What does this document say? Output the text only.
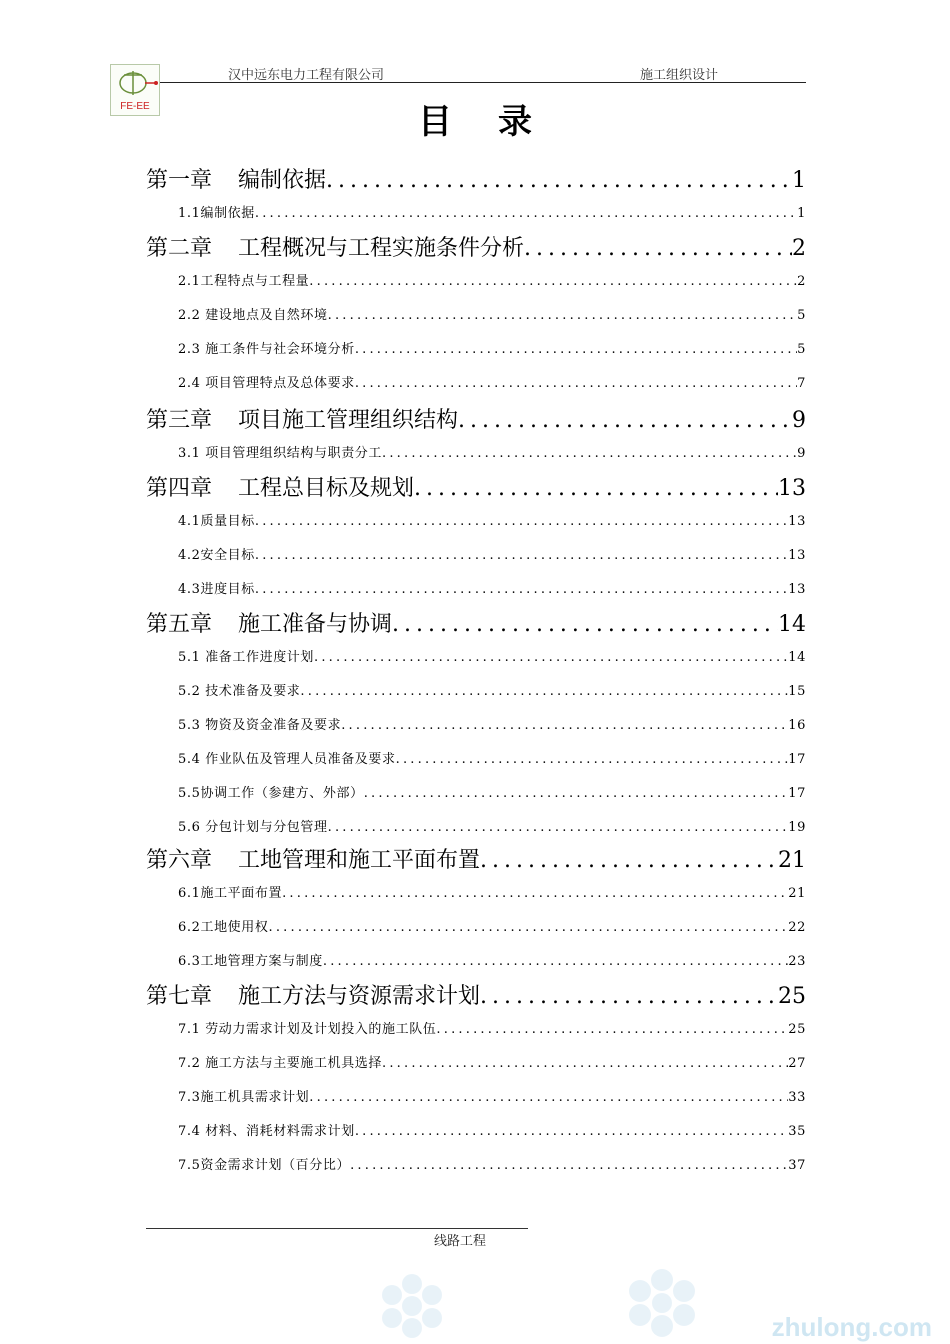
FE-EE
汉中远东电力工程有限公司	施工组织设计
目录
第一章 编制依据 .....	1
1.1编制依据 .....	1
第二章 工程概况与工程实施条件分析 .....	2
2.1工程特点与工程量 .....	2
2.2 建设地点及自然环境 .....	5
2.3 施工条件与社会环境分析 .....	5
2.4 项目管理特点及总体要求 .....	7
第三章 项目施工管理组织结构 .....	9
3.1 项目管理组织结构与职责分工 .....	9
第四章 工程总目标及规划 .....	13
4.1质量目标 .....	13
4.2安全目标 .....	13
4.3进度目标 .....	13
第五章 施工准备与协调 .....	14
5.1 准备工作进度计划 .....	14
5.2 技术准备及要求 .....	15
5.3 物资及资金准备及要求 .....	16
5.4 作业队伍及管理人员准备及要求 .....	17
5.5协调工作（参建方、外部） .....	17
5.6 分包计划与分包管理 .....	19
第六章 工地管理和施工平面布置 .....	21
6.1施工平面布置 .....	21
6.2工地使用权 .....	22
6.3工地管理方案与制度 .....	23
第七章 施工方法与资源需求计划 .....	25
7.1 劳动力需求计划及计划投入的施工队伍 .....	25
7.2 施工方法与主要施工机具选择 .....	27
7.3施工机具需求计划 .....	33
7.4 材料、消耗材料需求计划 .....	35
7.5资金需求计划（百分比） .....	37
线路工程
zhulong.com
